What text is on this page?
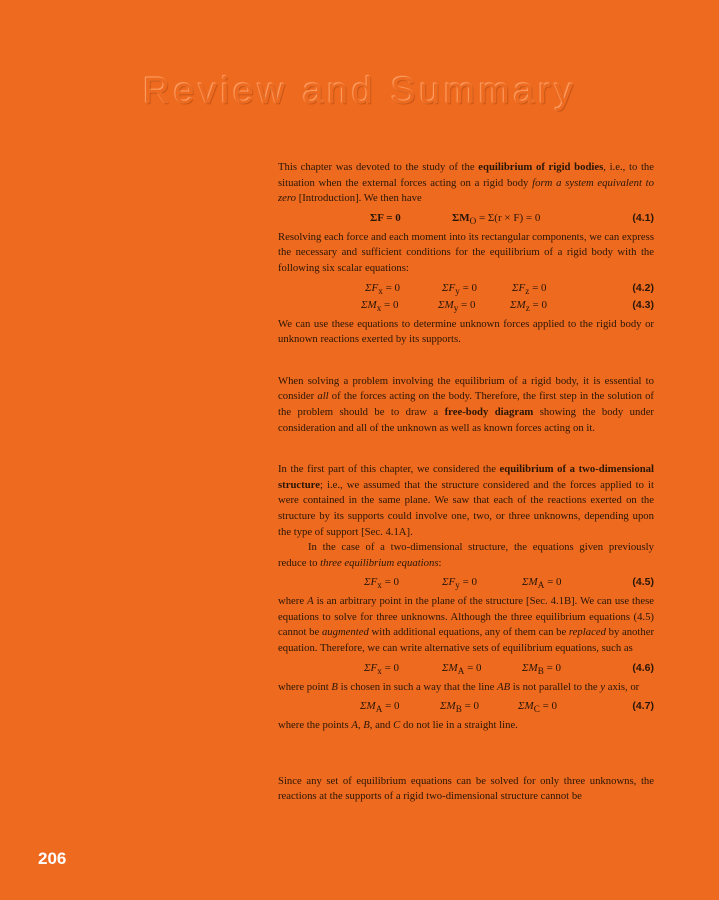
Review and Summary

This chapter was devoted to the study of the equilibrium of rigid bodies, i.e., to the situation when the external forces acting on a rigid body form a system equivalent to zero [Introduction]. We then have

ΣF = 0	$\Sigma M_O = \Sigma(r \times F) = 0$	(4.1)

Resolving each force and each moment into its rectangular components, we can express the necessary and sufficient conditions for the equilibrium of a rigid body with the following six scalar equations:

$\Sigma F_x = 0$	$\Sigma F_y = 0$	$\Sigma F_z = 0$	(4.2)
$\Sigma M_x = 0$	$\Sigma M_y = 0$	$\Sigma M_z = 0$	(4.3)

We can use these equations to determine unknown forces applied to the rigid body or unknown reactions exerted by its supports.

When solving a problem involving the equilibrium of a rigid body, it is essential to consider all of the forces acting on the body. Therefore, the first step in the solution of the problem should be to draw a free-body diagram showing the body under consideration and all of the unknown as well as known forces acting on it.

In the first part of this chapter, we considered the equilibrium of a two-dimensional structure; i.e., we assumed that the structure considered and the forces applied to it were contained in the same plane. We saw that each of the reactions exerted on the structure by its supports could involve one, two, or three unknowns, depending upon the type of support [Sec. 4.1A].

In the case of a two-dimensional structure, the equations given previously reduce to three equilibrium equations:

$\Sigma F_x = 0$	$\Sigma F_y = 0$	$\Sigma M_A = 0$	(4.5)

where A is an arbitrary point in the plane of the structure [Sec. 4.1B]. We can use these equations to solve for three unknowns. Although the three equilibrium equations (4.5) cannot be augmented with additional equations, any of them can be replaced by another equation. Therefore, we can write alternative sets of equilibrium equations, such as

$\Sigma F_x = 0$	$\Sigma M_A = 0$	$\Sigma M_B = 0$	(4.6)

where point B is chosen in such a way that the line AB is not parallel to the y axis, or

$\Sigma M_A = 0$	$\Sigma M_B = 0$	$\Sigma M_C = 0$	(4.7)

where the points A, B, and C do not lie in a straight line.

Since any set of equilibrium equations can be solved for only three unknowns, the reactions at the supports of a rigid two-dimensional structure cannot be

206
